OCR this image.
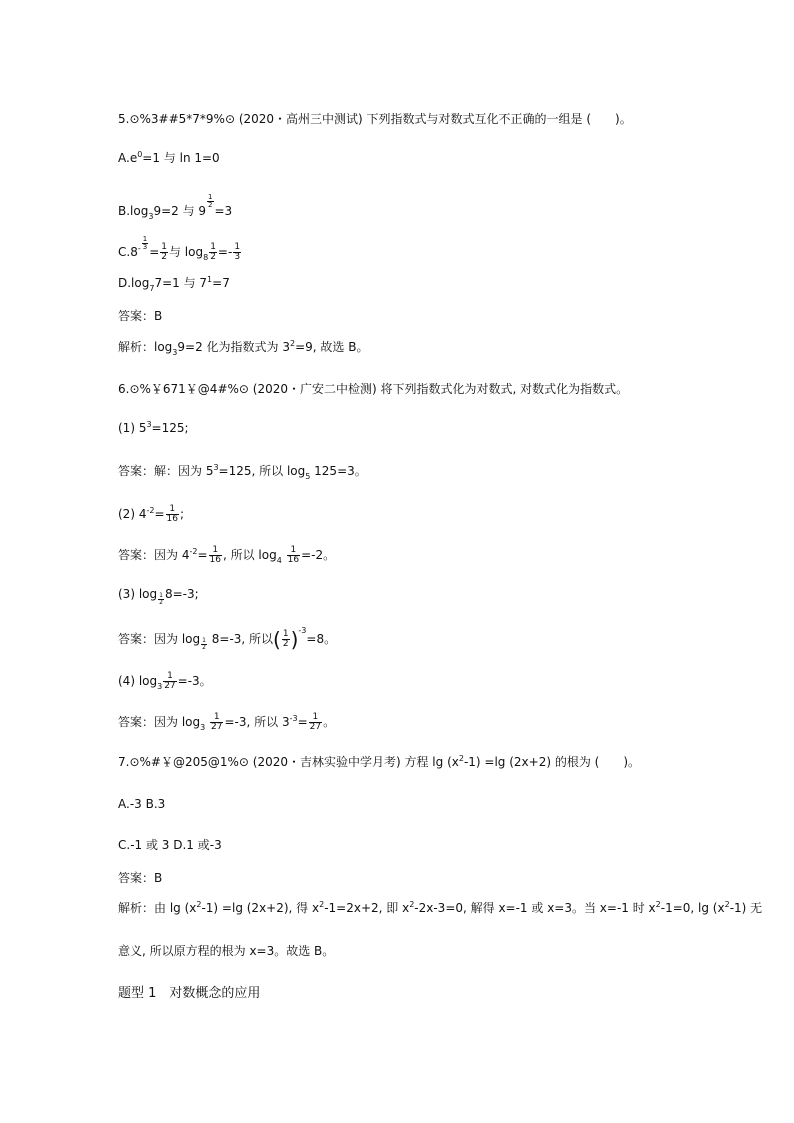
5.⊙%3##5*7*9%⊙ (2020・高州三中测试) 下列指数式与对数式互化不正确的一组是 (　　)。
$A.e^0=1$ 与 ln 1=0
$B.\log_39=2$ 与 9
$\frac{1}{2}$
=3
$C.8^- \frac{1}{3}$
= $\frac{1}{2}$ 与 $\log_8 \frac{1}{2} =- \frac{1}{3}$
$D.\log_77=1$ 与 $7^1=7$
答案：B
解析：$\log_39=2$ 化为指数式为 $3^2=9$, 故选 B。
6.⊙%￥671￥@4#%⊙ (2020・广安二中检测) 将下列指数式化为对数式, 对数式化为指数式。
(1) $5^3=125$;
答案：解：因为 $5^3=125$, 所以 $\log_5 125=3$。
(2) $4^{-2}= \frac{1}{16}$ ;
答案：因为 $4^{-2}= \frac{1}{16}$ , 所以 $\log_4 \frac{1}{16} =-2$。
(3) $\log \frac{1}{2} 8=-3$;
答案：因为 $\log \frac{1}{2} 8=-3$, 所以( $\frac{1}{2} )^{-3}=8$。
(4) $\log_3 \frac{1}{27} =-3$。
答案：因为 $\log_3 \frac{1}{27} =-3$, 所以 $3^{-3}= \frac{1}{27}$ 。
7.⊙%#￥@205@1%⊙ (2020・吉林实验中学月考) 方程 $\lg (x^2-1) =\lg$ (2x+2) 的根为 (　　)。
A.-3 B.3
C.-1 或 3 D.1 或-3
答案：B
解析：由 $\lg (x^2-1) =\lg$ (2x+2), 得 $x^2-1=2x+2$, 即 $x^2-2x-3=0$, 解得 x=-1 或 x=3。当 x=-1 时 $x^2-1=0$, $\lg (x^2-1)$ 无
意义, 所以原方程的根为 x=3。故选 B。
题型 1　对数概念的应用
